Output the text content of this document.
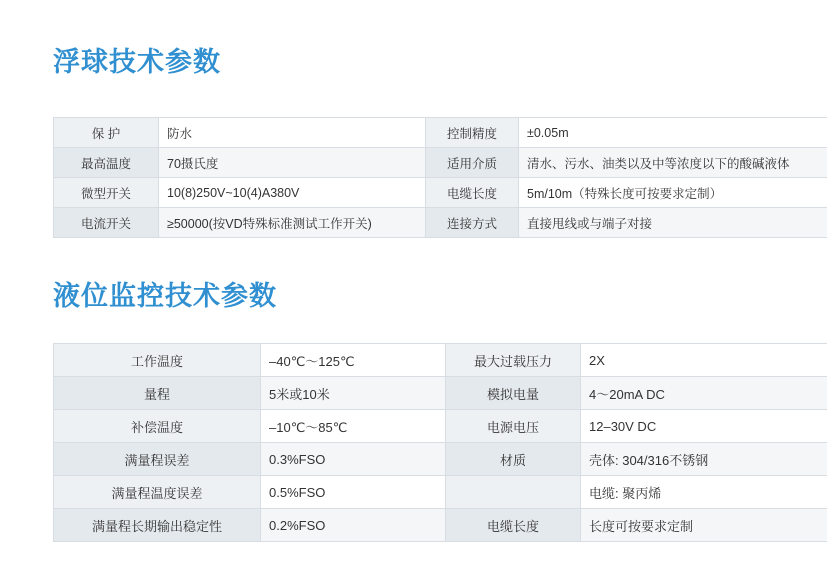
浮球技术参数
保 护	防水	控制精度	±0.05m
最高温度	70摄氏度	适用介质	清水、污水、油类以及中等浓度以下的酸碱液体
微型开关	10(8)250V~10(4)A380V	电缆长度	5m/10m（特殊长度可按要求定制）
电流开关	≥50000(按VD特殊标准测试工作开关)	连接方式	直接甩线或与端子对接
液位监控技术参数
工作温度	–40℃～125℃	最大过载压力	2X
量程	5米或10米	模拟电量	4～20mA DC
补偿温度	–10℃～85℃	电源电压	12–30V DC
满量程误差	0.3%FSO	材质	壳体: 304/316不锈钢
满量程温度误差	0.5%FSO		电缆: 聚丙烯
满量程长期输出稳定性	0.2%FSO	电缆长度	长度可按要求定制
